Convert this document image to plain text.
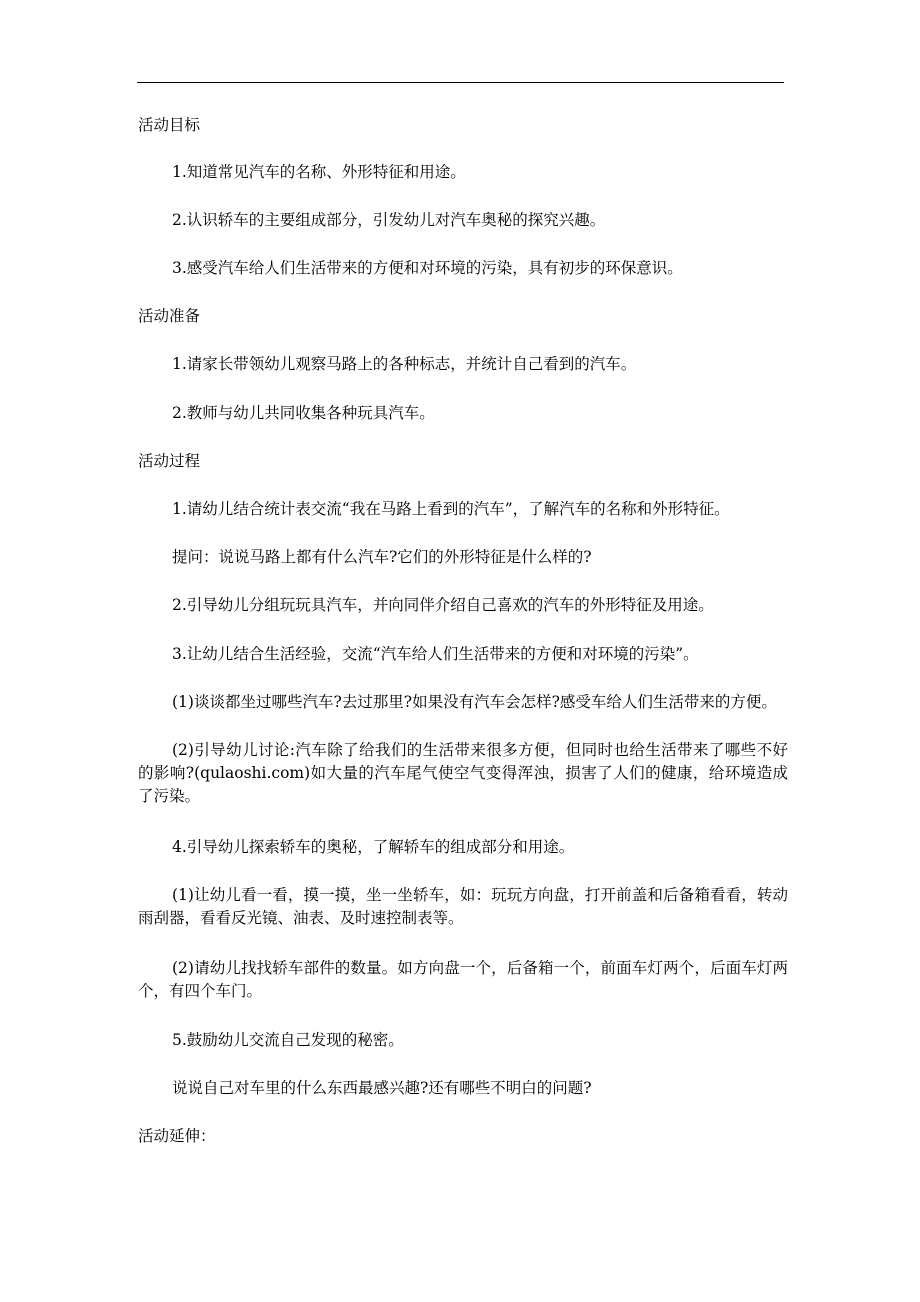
活动目标
1.知道常见汽车的名称、外形特征和用途。
2.认识轿车的主要组成部分，引发幼儿对汽车奥秘的探究兴趣。
3.感受汽车给人们生活带来的方便和对环境的污染，具有初步的环保意识。
活动准备
1.请家长带领幼儿观察马路上的各种标志，并统计自己看到的汽车。
2.教师与幼儿共同收集各种玩具汽车。
活动过程
1.请幼儿结合统计表交流“我在马路上看到的汽车”，了解汽车的名称和外形特征。
提问：说说马路上都有什么汽车?它们的外形特征是什么样的?
2.引导幼儿分组玩玩具汽车，并向同伴介绍自己喜欢的汽车的外形特征及用途。
3.让幼儿结合生活经验，交流“汽车给人们生活带来的方便和对环境的污染”。
(1)谈谈都坐过哪些汽车?去过那里?如果没有汽车会怎样?感受车给人们生活带来的方便。
(2)引导幼儿讨论:汽车除了给我们的生活带来很多方便，但同时也给生活带来了哪些不好的影响?(qulaoshi.com)如大量的汽车尾气使空气变得浑浊，损害了人们的健康，给环境造成了污染。
4.引导幼儿探索轿车的奥秘，了解轿车的组成部分和用途。
(1)让幼儿看一看，摸一摸，坐一坐轿车，如：玩玩方向盘，打开前盖和后备箱看看，转动雨刮器，看看反光镜、油表、及时速控制表等。
(2)请幼儿找找轿车部件的数量。如方向盘一个，后备箱一个，前面车灯两个，后面车灯两个，有四个车门。
5.鼓励幼儿交流自己发现的秘密。
说说自己对车里的什么东西最感兴趣?还有哪些不明白的问题?
活动延伸：
